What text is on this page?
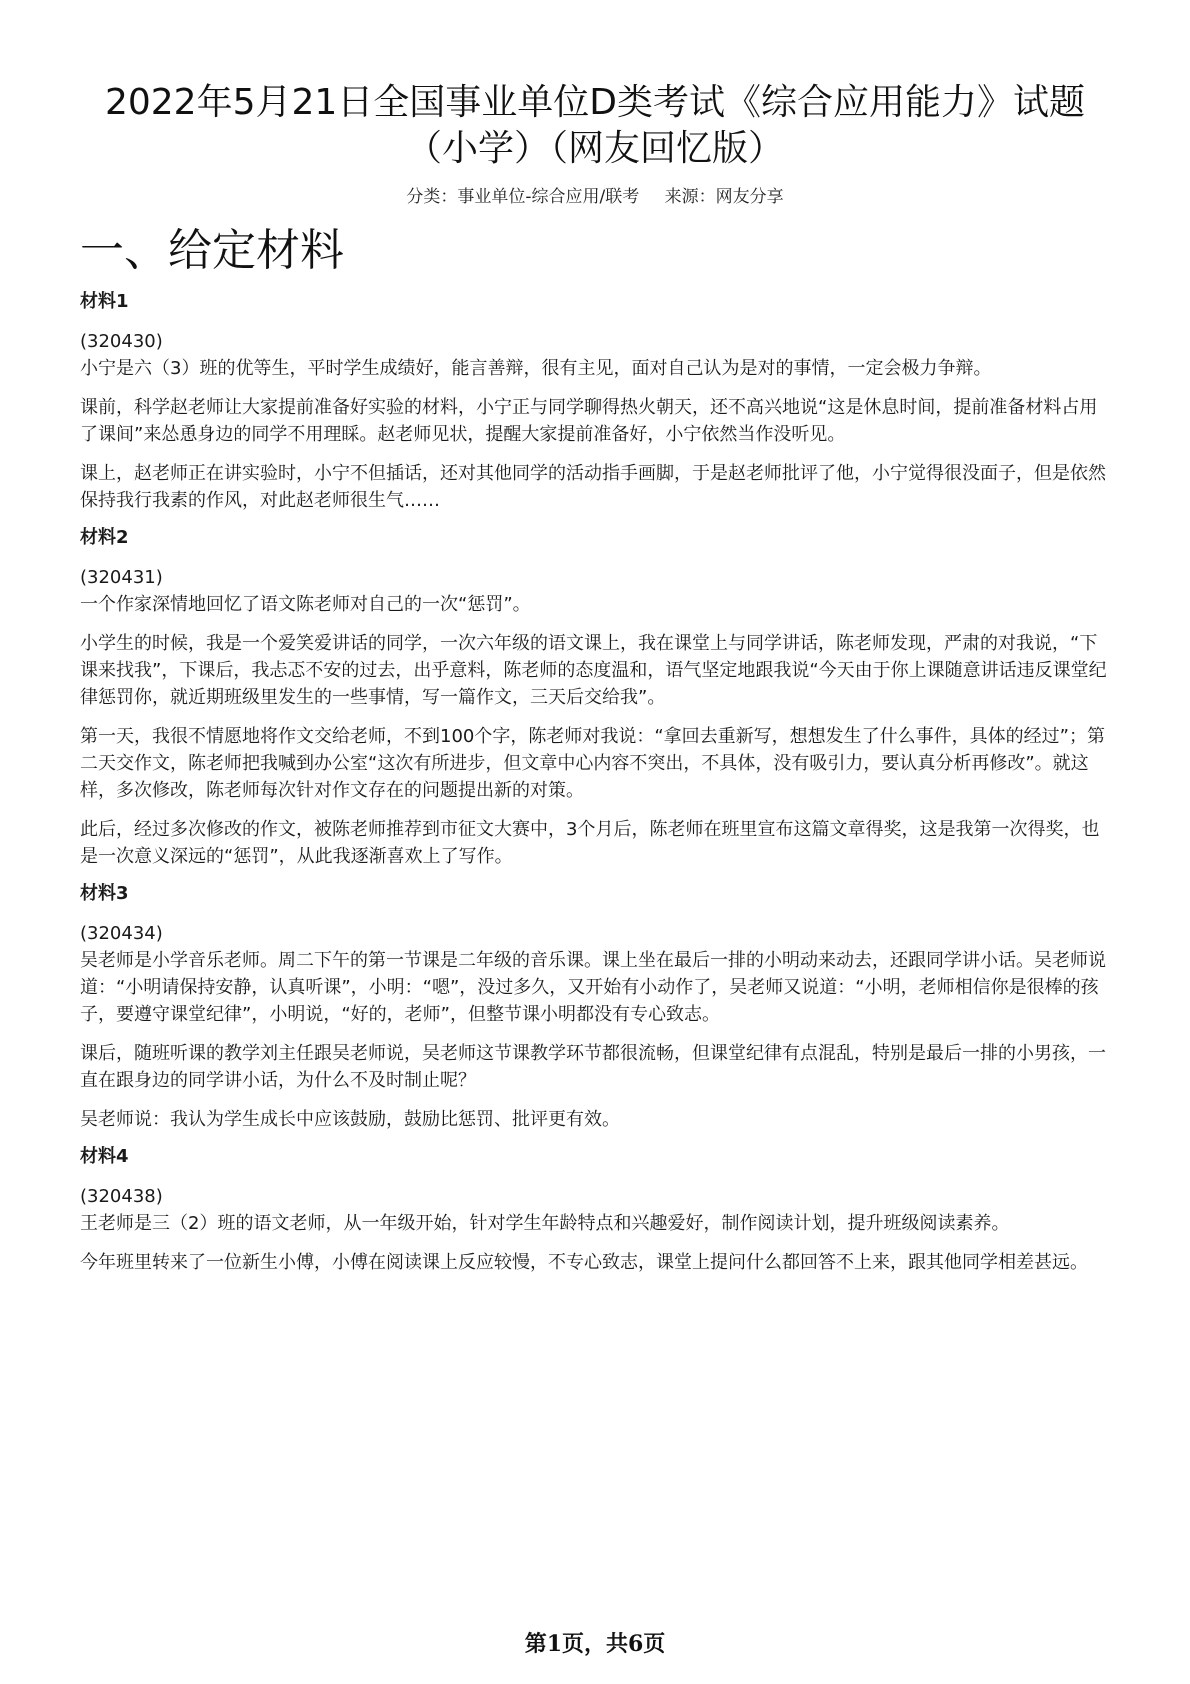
2022年5月21日全国事业单位D类考试《综合应用能力》试题（小学）（网友回忆版）
分类：事业单位-综合应用/联考 来源：网友分享
一、给定材料
材料1

(320430)

小宁是六（3）班的优等生，平时学生成绩好，能言善辩，很有主见，面对自己认为是对的事情，一定会极力争辩。

课前，科学赵老师让大家提前准备好实验的材料，小宁正与同学聊得热火朝天，还不高兴地说“这是休息时间，提前准备材料占用了课间”来怂恿身边的同学不用理睬。赵老师见状，提醒大家提前准备好，小宁依然当作没听见。

课上，赵老师正在讲实验时，小宁不但插话，还对其他同学的活动指手画脚，于是赵老师批评了他，小宁觉得很没面子，但是依然保持我行我素的作风，对此赵老师很生气……

材料2

(320431)

一个作家深情地回忆了语文陈老师对自己的一次“惩罚”。

小学生的时候，我是一个爱笑爱讲话的同学，一次六年级的语文课上，我在课堂上与同学讲话，陈老师发现，严肃的对我说，“下课来找我”，下课后，我忐忑不安的过去，出乎意料，陈老师的态度温和，语气坚定地跟我说“今天由于你上课随意讲话违反课堂纪律惩罚你，就近期班级里发生的一些事情，写一篇作文，三天后交给我”。

第一天，我很不情愿地将作文交给老师，不到100个字，陈老师对我说：“拿回去重新写，想想发生了什么事件，具体的经过”；第二天交作文，陈老师把我喊到办公室“这次有所进步，但文章中心内容不突出，不具体，没有吸引力，要认真分析再修改”。就这样，多次修改，陈老师每次针对作文存在的问题提出新的对策。

此后，经过多次修改的作文，被陈老师推荐到市征文大赛中，3个月后，陈老师在班里宣布这篇文章得奖，这是我第一次得奖，也是一次意义深远的“惩罚”，从此我逐渐喜欢上了写作。

材料3

(320434)

吴老师是小学音乐老师。周二下午的第一节课是二年级的音乐课。课上坐在最后一排的小明动来动去，还跟同学讲小话。吴老师说道：“小明请保持安静，认真听课”，小明：“嗯”，没过多久，又开始有小动作了，吴老师又说道：“小明，老师相信你是很棒的孩子，要遵守课堂纪律”，小明说，“好的，老师”，但整节课小明都没有专心致志。

课后，随班听课的教学刘主任跟吴老师说，吴老师这节课教学环节都很流畅，但课堂纪律有点混乱，特别是最后一排的小男孩，一直在跟身边的同学讲小话，为什么不及时制止呢？

吴老师说：我认为学生成长中应该鼓励，鼓励比惩罚、批评更有效。

材料4

(320438)

王老师是三（2）班的语文老师，从一年级开始，针对学生年龄特点和兴趣爱好，制作阅读计划，提升班级阅读素养。

今年班里转来了一位新生小傅，小傅在阅读课上反应较慢，不专心致志，课堂上提问什么都回答不上来，跟其他同学相差甚远。

第1页，共6页
